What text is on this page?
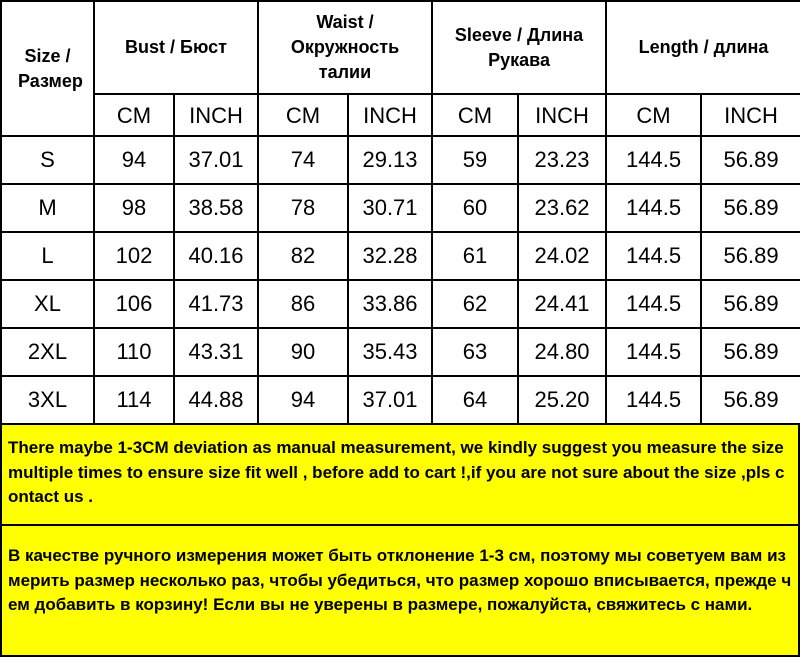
Size / Размер	Bust / Бюст		Waist /Окружность талии		Sleeve / Длина Рукава		Length / длина	
	CM	INCH	CM	INCH	CM	INCH	CM	INCH
S	94	37.01	74	29.13	59	23.23	144.5	56.89
M	98	38.58	78	30.71	60	23.62	144.5	56.89
L	102	40.16	82	32.28	61	24.02	144.5	56.89
XL	106	41.73	86	33.86	62	24.41	144.5	56.89
2XL	110	43.31	90	35.43	63	24.80	144.5	56.89
3XL	114	44.88	94	37.01	64	25.20	144.5	56.89
There maybe 1-3CM deviation as manual measurement, we kindly suggest you measure the size multiple times to ensure size fit well , before add to cart !,if you are not sure about the size ,pls contact us .
В качестве ручного измерения может быть отклонение 1-3 см, поэтому мы советуем вам измерить размер несколько раз, чтобы убедиться, что размер хорошо вписывается, прежде чем добавить в корзину! Если вы не уверены в размере, пожалуйста, свяжитесь с нами.
